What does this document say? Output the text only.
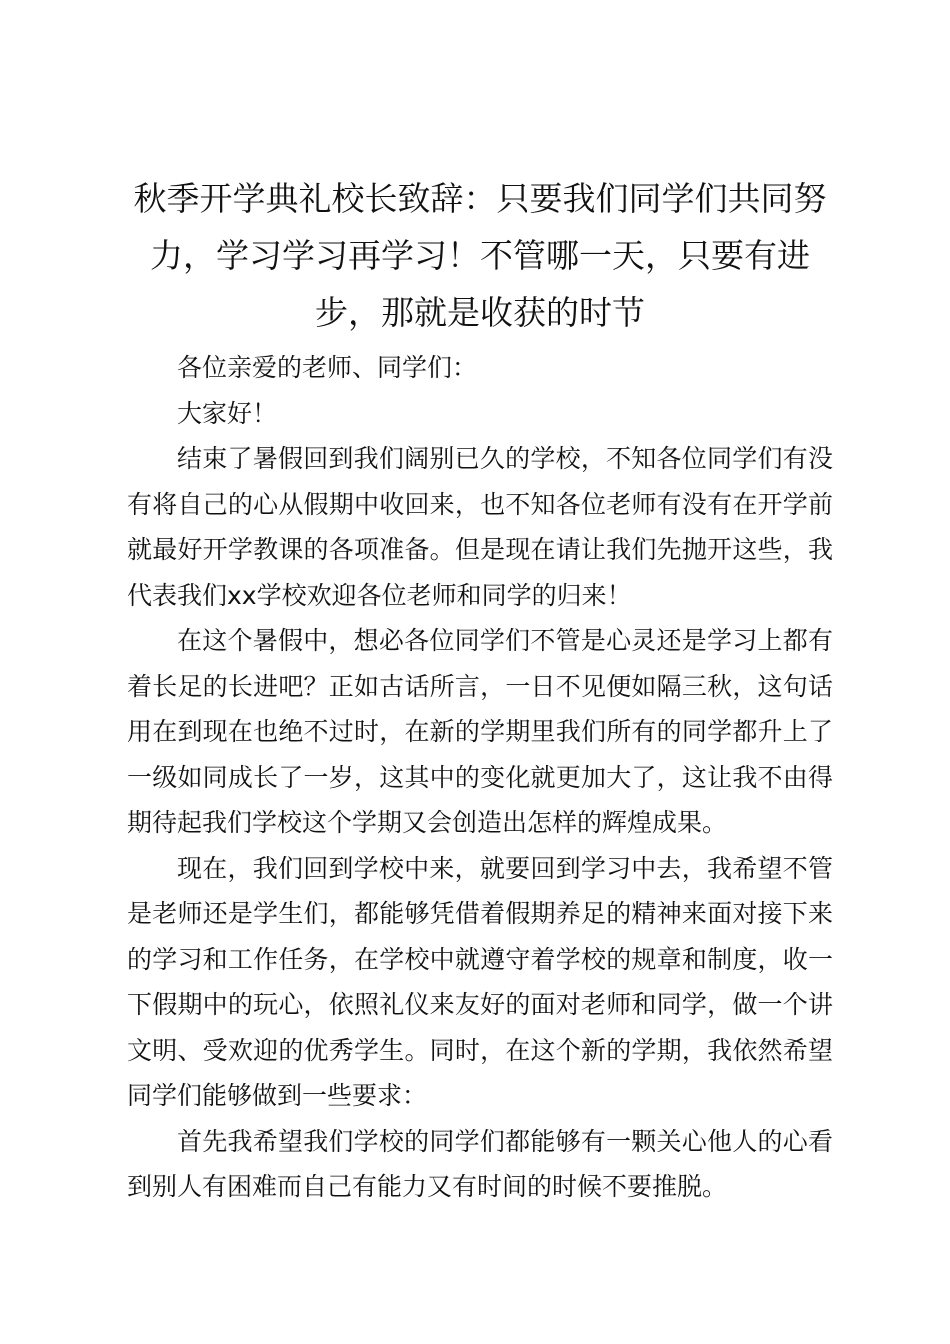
秋季开学典礼校长致辞：只要我们同学们共同努力，学习学习再学习！不管哪一天，只要有进步，那就是收获的时节

各位亲爱的老师、同学们：

大家好！

结束了暑假回到我们阔别已久的学校，不知各位同学们有没有将自己的心从假期中收回来，也不知各位老师有没有在开学前就最好开学教课的各项准备。但是现在请让我们先抛开这些，我代表我们xx学校欢迎各位老师和同学的归来！

在这个暑假中，想必各位同学们不管是心灵还是学习上都有着长足的长进吧？正如古话所言，一日不见便如隔三秋，这句话用在到现在也绝不过时，在新的学期里我们所有的同学都升上了一级如同成长了一岁，这其中的变化就更加大了，这让我不由得期待起我们学校这个学期又会创造出怎样的辉煌成果。

现在，我们回到学校中来，就要回到学习中去，我希望不管是老师还是学生们，都能够凭借着假期养足的精神来面对接下来的学习和工作任务，在学校中就遵守着学校的规章和制度，收一下假期中的玩心，依照礼仪来友好的面对老师和同学，做一个讲文明、受欢迎的优秀学生。同时，在这个新的学期，我依然希望同学们能够做到一些要求：

首先我希望我们学校的同学们都能够有一颗关心他人的心看到别人有困难而自己有能力又有时间的时候不要推脱。
